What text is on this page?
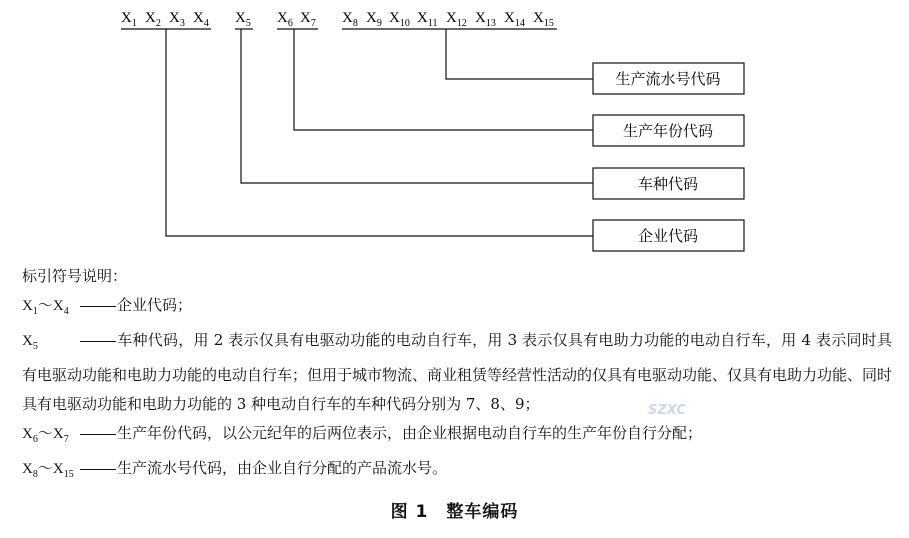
$X_1$ $X_2$ $X_3$ $X_4$ $X_5$ $X_6$ $X_7$ $X_8$ $X_9$ $X_{10}$ $X_{11}$ $X_{12}$ $X_{13}$ $X_{14}$ $X_{15}$
生产流水号代码
生产年份代码
车种代码
企业代码
标引符号说明：
$X_1\sim X_4$	企业代码；
$X_5$	车种代码，用 2 表示仅具有电驱动功能的电动自行车，用 3 表示仅具有电助力功能的电动自行车，用 4 表示同时具有电驱动功能和电助力功能的电动自行车；但用于城市物流、商业租赁等经营性活动的仅具有电驱动功能、仅具有电助力功能、同时具有电驱动功能和电助力功能的 3 种电动自行车的车种代码分别为 7、8、9；
$X_6\sim X_7$	生产年份代码，以公元纪年的后两位表示，由企业根据电动自行车的生产年份自行分配；
$X_8\sim X_{15}$	生产流水号代码，由企业自行分配的产品流水号。
SZXC
图 1　整车编码
